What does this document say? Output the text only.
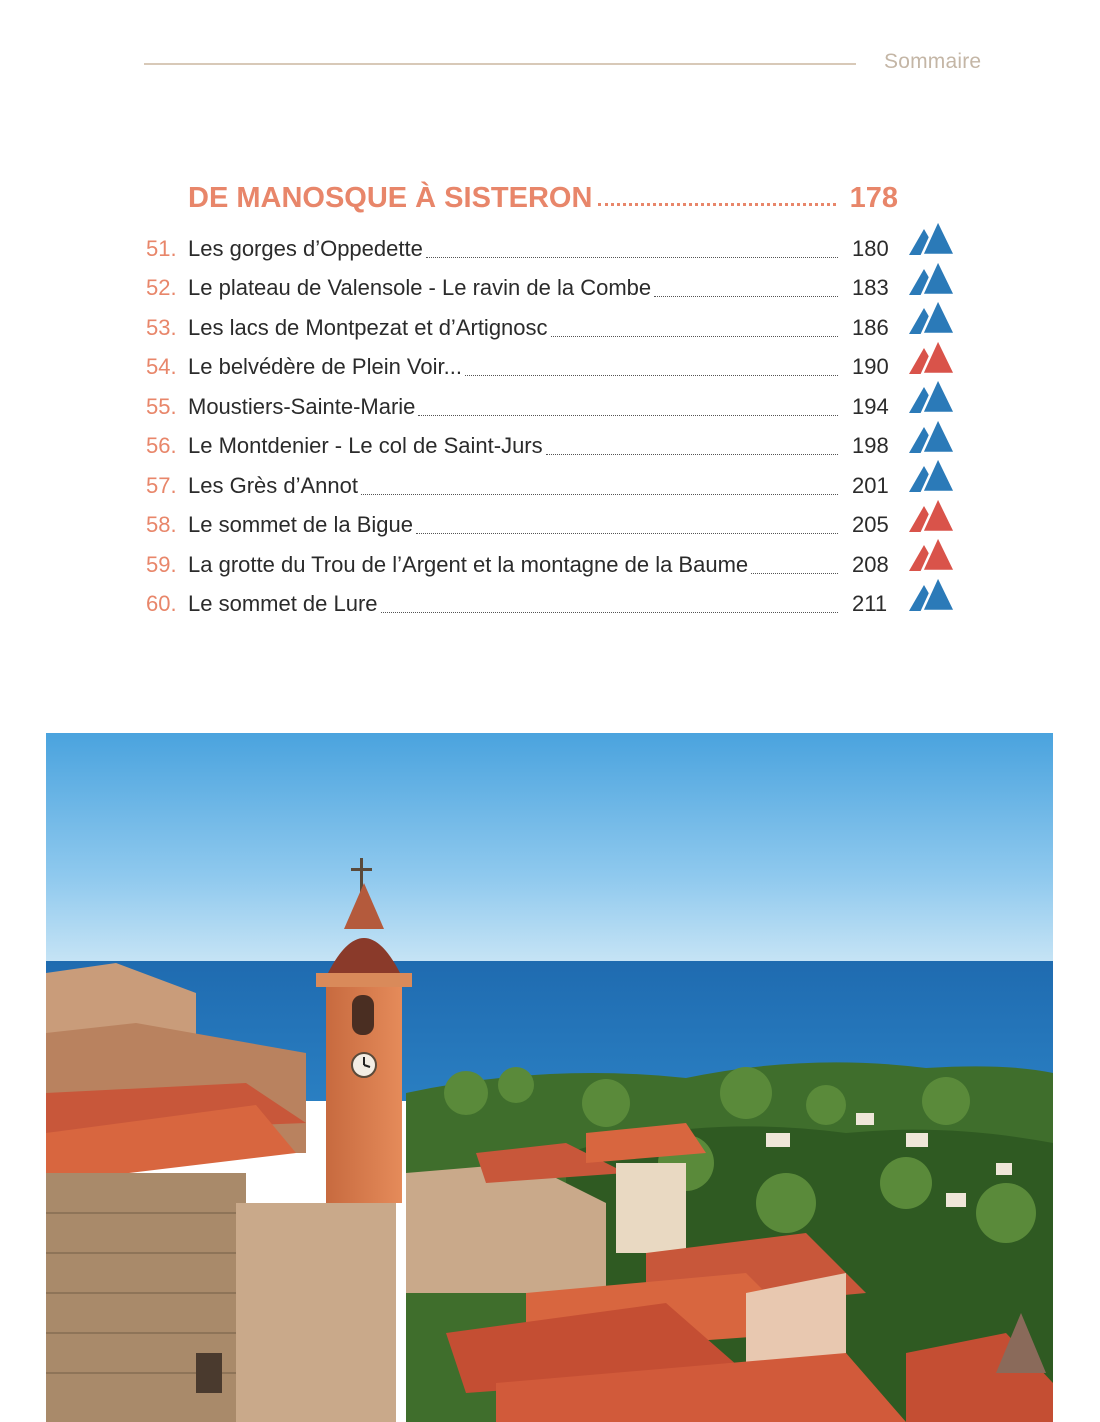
Sommaire
DE MANOSQUE À SISTERON	178
51. Les gorges d’Oppedette	180
52. Le plateau de Valensole - Le ravin de la Combe	183
53. Les lacs de Montpezat et d’Artignosc	186
54. Le belvédère de Plein Voir...	190
55. Moustiers-Sainte-Marie	194
56. Le Montdenier - Le col de Saint-Jurs	198
57. Les Grès d’Annot	201
58. Le sommet de la Bigue	205
59. La grotte du Trou de l’Argent et la montagne de la Baume	208
60. Le sommet de Lure	211
